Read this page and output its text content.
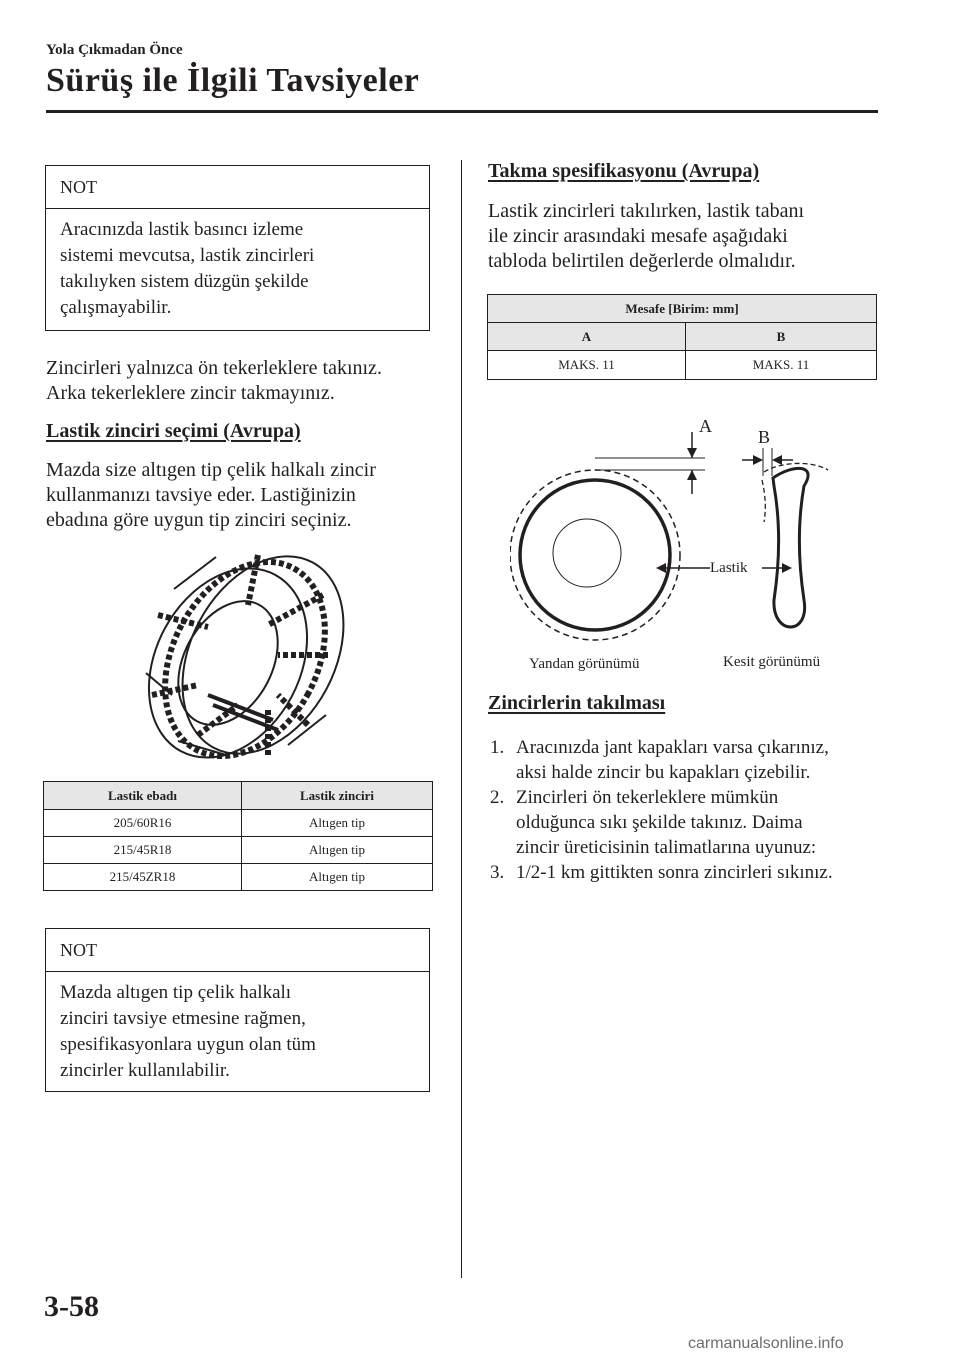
Yola Çıkmadan Önce
Sürüş ile İlgili Tavsiyeler
NOT
Aracınızda lastik basıncı izleme
sistemi mevcutsa, lastik zincirleri
takılıyken sistem düzgün şekilde
çalışmayabilir.
Zincirleri yalnızca ön tekerleklere takınız.
Arka tekerleklere zincir takmayınız.
Lastik zinciri seçimi (Avrupa)
Mazda size altıgen tip çelik halkalı zincir
kullanmanızı tavsiye eder. Lastiğinizin
ebadına göre uygun tip zinciri seçiniz.
Lastik ebadı	Lastik zinciri
205/60R16	Altıgen tip
215/45R18	Altıgen tip
215/45ZR18	Altıgen tip
NOT
Mazda altıgen tip çelik halkalı
zinciri tavsiye etmesine rağmen,
spesifikasyonlara uygun olan tüm
zincirler kullanılabilir.
Takma spesifikasyonu (Avrupa)
Lastik zincirleri takılırken, lastik tabanı
ile zincir arasındaki mesafe aşağıdaki
tabloda belirtilen değerlerde olmalıdır.
Mesafe [Birim: mm]	
A	B
MAKS. 11	MAKS. 11
A
B
Lastik
Yandan görünümü	Kesit görünümü
Zincirlerin takılması
1. Aracınızda jant kapakları varsa çıkarınız,
aksi halde zincir bu kapakları çizebilir.
2. Zincirleri ön tekerleklere mümkün
olduğunca sıkı şekilde takınız. Daima
zincir üreticisinin talimatlarına uyunuz:
3. 1/2-1 km gittikten sonra zincirleri sıkınız.
3-58
carmanualsonline.info
